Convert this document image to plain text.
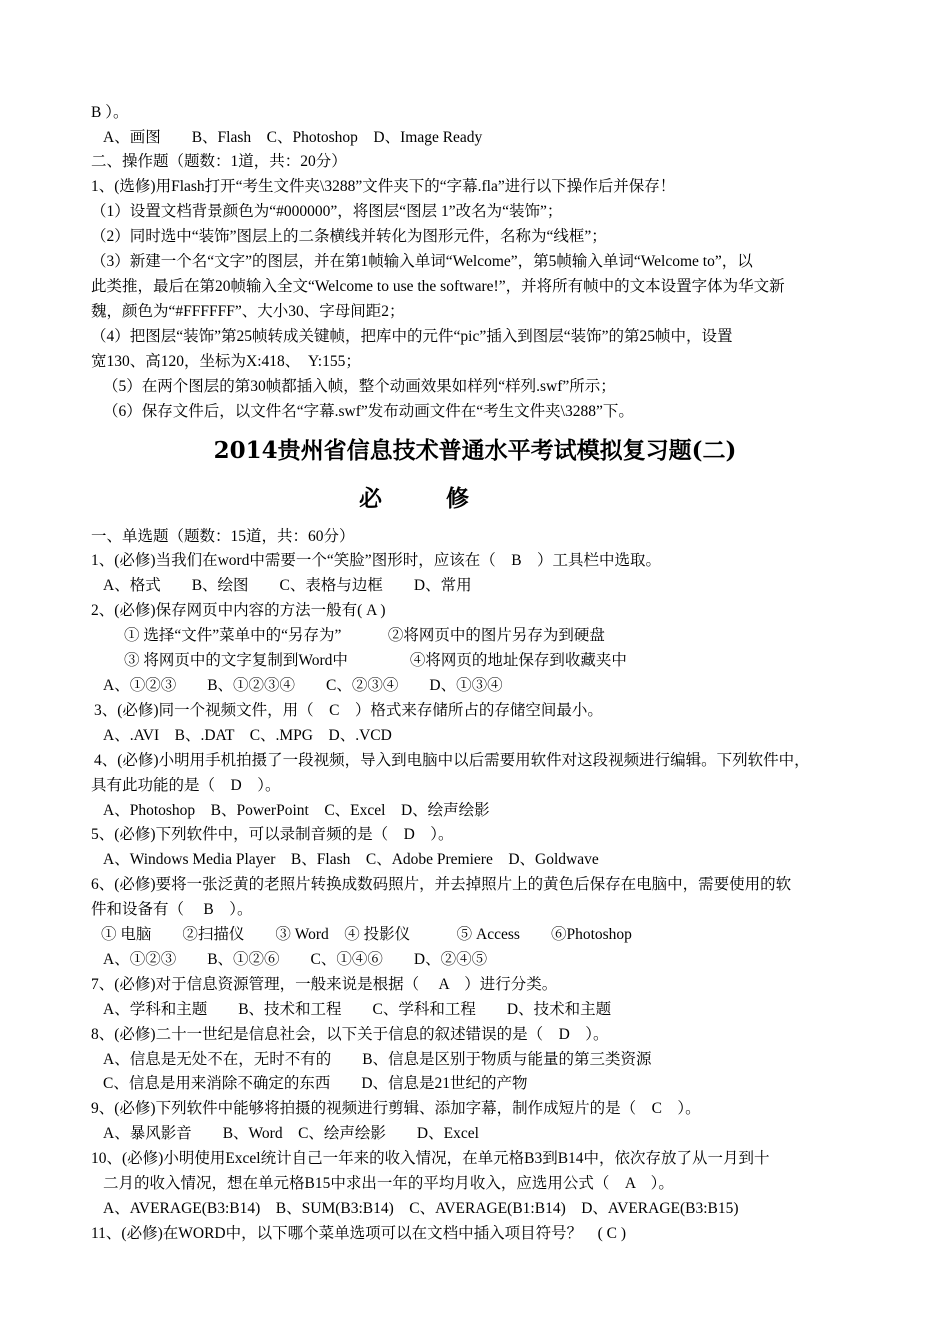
B ）。
A、画图　　B、Flash　C、Photoshop　D、Image Ready
二、操作题（题数：1道，共：20分）
1、(选修)用Flash打开“考生文件夹\3288”文件夹下的“字幕.fla”进行以下操作后并保存！
（1）设置文档背景颜色为“#000000”，将图层“图层 1”改名为“装饰”；
（2）同时选中“装饰”图层上的二条横线并转化为图形元件，名称为“线框”；
（3）新建一个名“文字”的图层，并在第1帧输入单词“Welcome”，第5帧输入单词“Welcome to”，以
此类推，最后在第20帧输入全文“Welcome to use the software!”，并将所有帧中的文本设置字体为华文新
魏，颜色为“#FFFFFF”、大小30、字母间距2；
（4）把图层“装饰”第25帧转成关键帧，把库中的元件“pic”插入到图层“装饰”的第25帧中，设置
宽130、高120，坐标为X:418、　Y:155；
（5）在两个图层的第30帧都插入帧，整个动画效果如样列“样列.swf”所示；
（6）保存文件后，以文件名“字幕.swf”发布动画文件在“考生文件夹\3288”下。
2014贵州省信息技术普通水平考试模拟复习题(二)
必 修
一、单选题（题数：15道，共：60分）
1、(必修)当我们在word中需要一个“笑脸”图形时，应该在（　B　）工具栏中选取。
A、格式　　B、绘图　　C、表格与边框　　D、常用
2、(必修)保存网页中内容的方法一般有( A )
① 选择“文件”菜单中的“另存为”　　　②将网页中的图片另存为到硬盘
③ 将网页中的文字复制到Word中　　　　④将网页的地址保存到收藏夹中
A、①②③　　B、①②③④　　C、②③④　　D、①③④
3、(必修)同一个视频文件，用（　C　）格式来存储所占的存储空间最小。
A、.AVI　B、.DAT　C、.MPG　D、.VCD
4、(必修)小明用手机拍摄了一段视频，导入到电脑中以后需要用软件对这段视频进行编辑。下列软件中，
具有此功能的是（　D　）。
A、Photoshop　B、PowerPoint　C、Excel　D、绘声绘影
5、(必修)下列软件中，可以录制音频的是（　D　）。
A、Windows Media Player　B、Flash　C、Adobe Premiere　D、Goldwave
6、(必修)要将一张泛黄的老照片转换成数码照片，并去掉照片上的黄色后保存在电脑中，需要使用的软
件和设备有（　 B　）。
① 电脑　　②扫描仪　　③ Word　④ 投影仪　　　⑤ Access　　⑥Photoshop
A、①②③　　B、①②⑥　　C、①④⑥　　D、②④⑤
7、(必修)对于信息资源管理，一般来说是根据（　 A　）进行分类。
A、学科和主题　　B、技术和工程　　C、学科和工程　　D、技术和主题
8、(必修)二十一世纪是信息社会，以下关于信息的叙述错误的是（　D　）。
A、信息是无处不在，无时不有的　　B、信息是区别于物质与能量的第三类资源
C、信息是用来消除不确定的东西　　D、信息是21世纪的产物
9、(必修)下列软件中能够将拍摄的视频进行剪辑、添加字幕，制作成短片的是（　C　）。
A、暴风影音　　B、Word　C、绘声绘影　　D、Excel
10、(必修)小明使用Excel统计自己一年来的收入情况，在单元格B3到B14中，依次存放了从一月到十
二月的收入情况，想在单元格B15中求出一年的平均月收入，应选用公式（　A　）。
A、AVERAGE(B3:B14)　B、SUM(B3:B14)　C、AVERAGE(B1:B14)　D、AVERAGE(B3:B15)
11、(必修)在WORD中，以下哪个菜单选项可以在文档中插入项目符号？　( C )
